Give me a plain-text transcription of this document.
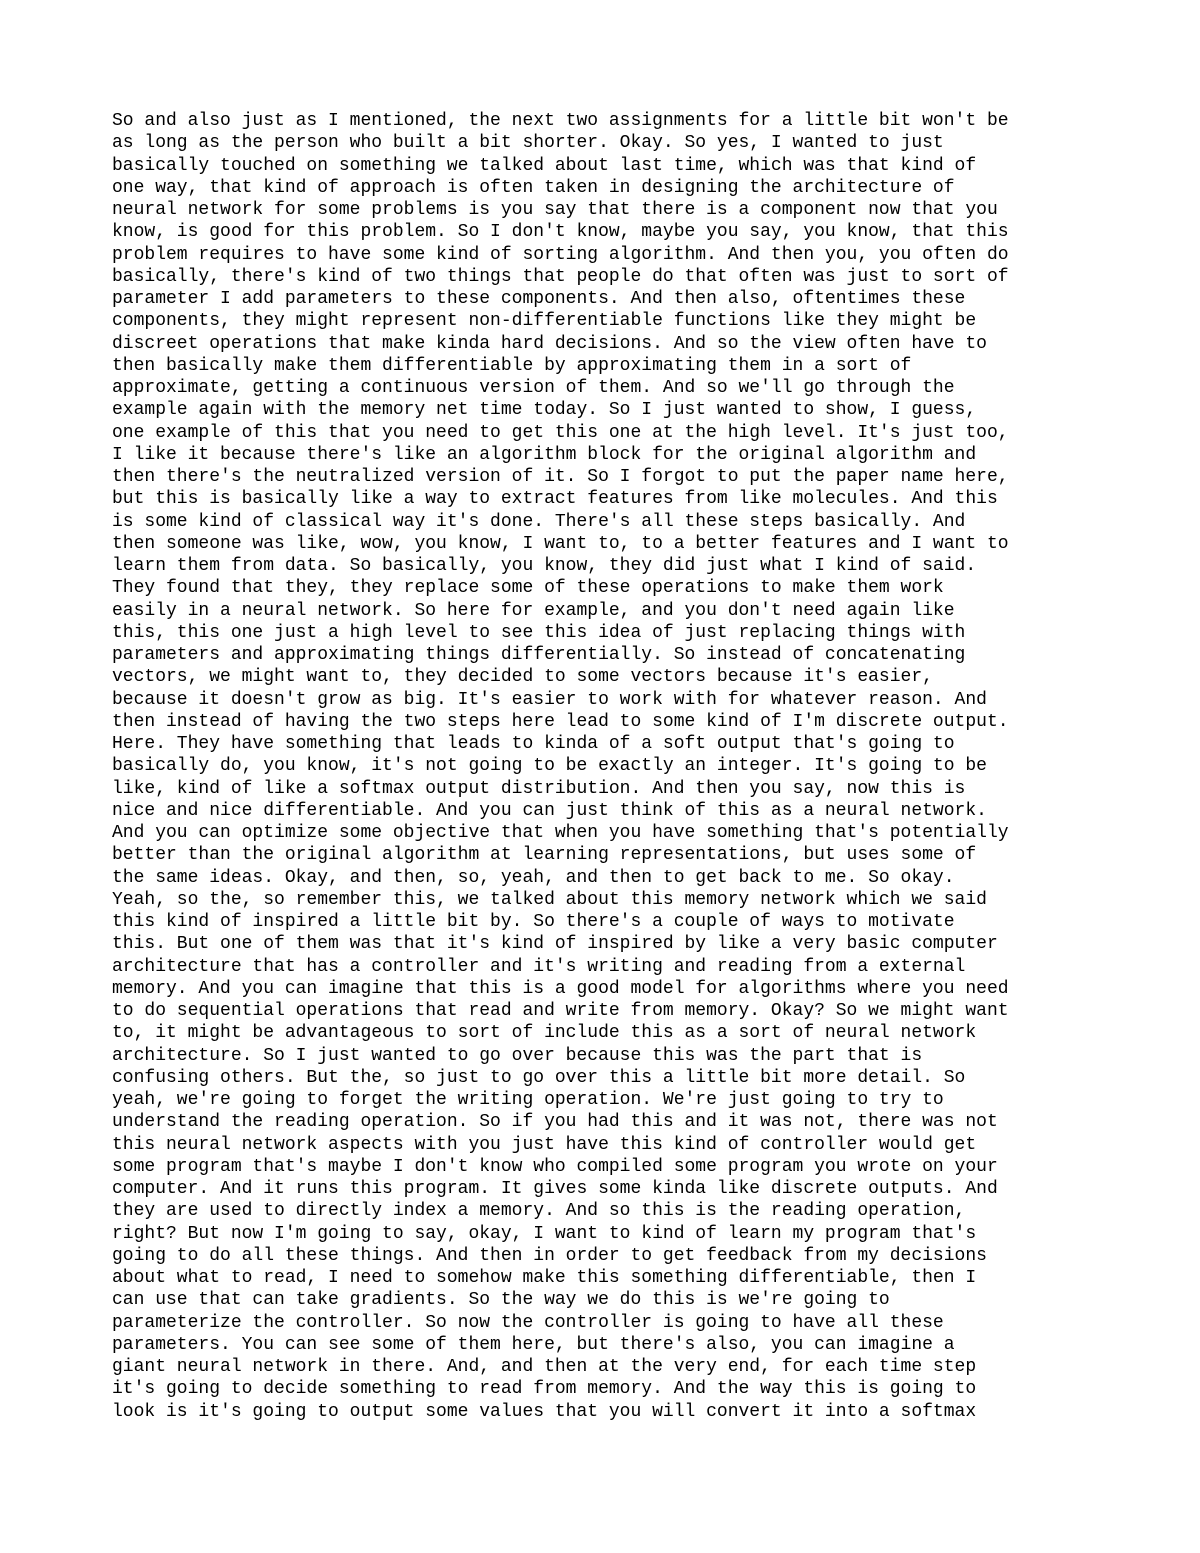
So and also just as I mentioned, the next two assignments for a little bit won't be
as long as the person who built a bit shorter. Okay. So yes, I wanted to just
basically touched on something we talked about last time, which was that kind of
one way, that kind of approach is often taken in designing the architecture of
neural network for some problems is you say that there is a component now that you
know, is good for this problem. So I don't know, maybe you say, you know, that this
problem requires to have some kind of sorting algorithm. And then you, you often do
basically, there's kind of two things that people do that often was just to sort of
parameter I add parameters to these components. And then also, oftentimes these
components, they might represent non-differentiable functions like they might be
discreet operations that make kinda hard decisions. And so the view often have to
then basically make them differentiable by approximating them in a sort of
approximate, getting a continuous version of them. And so we'll go through the
example again with the memory net time today. So I just wanted to show, I guess,
one example of this that you need to get this one at the high level. It's just too,
I like it because there's like an algorithm block for the original algorithm and
then there's the neutralized version of it. So I forgot to put the paper name here,
but this is basically like a way to extract features from like molecules. And this
is some kind of classical way it's done. There's all these steps basically. And
then someone was like, wow, you know, I want to, to a better features and I want to
learn them from data. So basically, you know, they did just what I kind of said.
They found that they, they replace some of these operations to make them work
easily in a neural network. So here for example, and you don't need again like
this, this one just a high level to see this idea of just replacing things with
parameters and approximating things differentially. So instead of concatenating
vectors, we might want to, they decided to some vectors because it's easier,
because it doesn't grow as big. It's easier to work with for whatever reason. And
then instead of having the two steps here lead to some kind of I'm discrete output.
Here. They have something that leads to kinda of a soft output that's going to
basically do, you know, it's not going to be exactly an integer. It's going to be
like, kind of like a softmax output distribution. And then you say, now this is
nice and nice differentiable. And you can just think of this as a neural network.
And you can optimize some objective that when you have something that's potentially
better than the original algorithm at learning representations, but uses some of
the same ideas. Okay, and then, so, yeah, and then to get back to me. So okay.
Yeah, so the, so remember this, we talked about this memory network which we said
this kind of inspired a little bit by. So there's a couple of ways to motivate
this. But one of them was that it's kind of inspired by like a very basic computer
architecture that has a controller and it's writing and reading from a external
memory. And you can imagine that this is a good model for algorithms where you need
to do sequential operations that read and write from memory. Okay? So we might want
to, it might be advantageous to sort of include this as a sort of neural network
architecture. So I just wanted to go over because this was the part that is
confusing others. But the, so just to go over this a little bit more detail. So
yeah, we're going to forget the writing operation. We're just going to try to
understand the reading operation. So if you had this and it was not, there was not
this neural network aspects with you just have this kind of controller would get
some program that's maybe I don't know who compiled some program you wrote on your
computer. And it runs this program. It gives some kinda like discrete outputs. And
they are used to directly index a memory. And so this is the reading operation,
right? But now I'm going to say, okay, I want to kind of learn my program that's
going to do all these things. And then in order to get feedback from my decisions
about what to read, I need to somehow make this something differentiable, then I
can use that can take gradients. So the way we do this is we're going to
parameterize the controller. So now the controller is going to have all these
parameters. You can see some of them here, but there's also, you can imagine a
giant neural network in there. And, and then at the very end, for each time step
it's going to decide something to read from memory. And the way this is going to
look is it's going to output some values that you will convert it into a softmax
